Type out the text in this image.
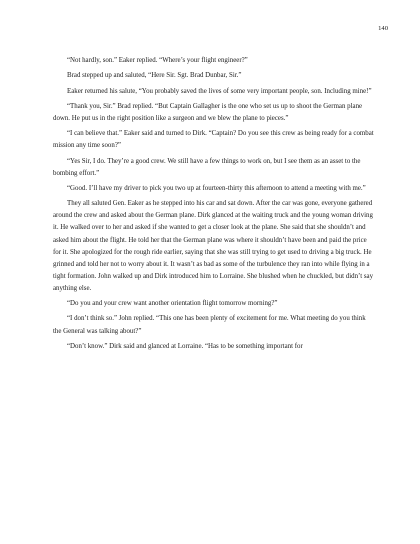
140

“Not hardly, son.” Eaker replied. “Where’s your flight engineer?”

Brad stepped up and saluted, “Here Sir. Sgt. Brad Dunbar, Sir.”

Eaker returned his salute, “You probably saved the lives of some very important people, son. Including mine!”

“Thank you, Sir.” Brad replied. “But Captain Gallagher is the one who set us up to shoot the German plane down. He put us in the right position like a surgeon and we blew the plane to pieces.”

“I can believe that.” Eaker said and turned to Dirk. “Captain? Do you see this crew as being ready for a combat mission any time soon?”

“Yes Sir, I do. They’re a good crew. We still have a few things to work on, but I see them as an asset to the bombing effort.”

“Good. I’ll have my driver to pick you two up at fourteen-thirty this afternoon to attend a meeting with me.”

They all saluted Gen. Eaker as he stepped into his car and sat down. After the car was gone, everyone gathered around the crew and asked about the German plane. Dirk glanced at the waiting truck and the young woman driving it. He walked over to her and asked if she wanted to get a closer look at the plane. She said that she shouldn’t and asked him about the flight. He told her that the German plane was where it shouldn’t have been and paid the price for it. She apologized for the rough ride earlier, saying that she was still trying to get used to driving a big truck. He grinned and told her not to worry about it. It wasn’t as bad as some of the turbulence they ran into while flying in a tight formation. John walked up and Dirk introduced him to Lorraine. She blushed when he chuckled, but didn’t say anything else.

“Do you and your crew want another orientation flight tomorrow morning?”

“I don’t think so.” John replied. “This one has been plenty of excitement for me. What meeting do you think the General was talking about?”

“Don’t know.” Dirk said and glanced at Lorraine. “Has to be something important for
